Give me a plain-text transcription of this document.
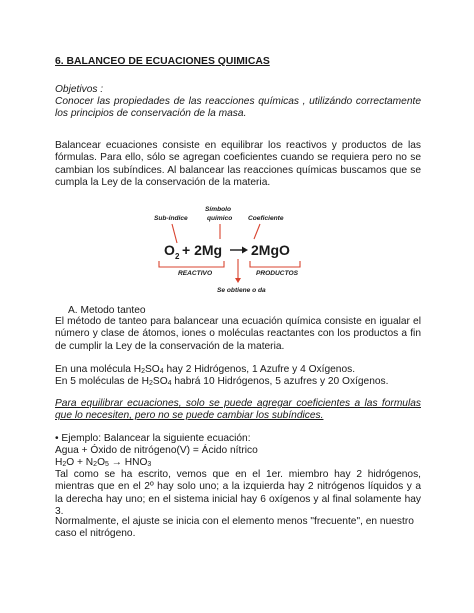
6. BALANCEO DE ECUACIONES QUIMICAS

Objetivos :

Conocer las propiedades de las reacciones químicas , utilizándo correctamente los principios de conservación de la masa.

Balancear ecuaciones consiste en equilibrar los reactivos y productos de las fórmulas. Para ello, sólo se agregan coeficientes cuando se requiera pero no se cambian los subíndices. Al balancear las reacciones químicas buscamos que se cumpla la Ley de la conservación de la materia.

Sub-índice
Símbolo
químico Coeficiente
O 2 + 2Mg 2MgO
REACTIVO	PRODUCTOS
Se obtiene o da
A. Metodo tanteo

El método de tanteo para balancear una ecuación química consiste en igualar el número y clase de átomos, iones o moléculas reactantes con los productos a fin de cumplir la Ley de la conservación de la materia.

En una molécula $H_2SO_4$ hay 2 Hidrógenos, 1 Azufre y 4 Oxígenos.

En 5 moléculas de $H_2SO_4$ habrá 10 Hidrógenos, 5 azufres y 20 Oxígenos.

Para equilibrar ecuaciones, solo se puede agregar coeficientes a las formulas que lo necesiten, pero no se puede cambiar los subíndices.

• Ejemplo: Balancear la siguiente ecuación:

Agua + Óxido de nitrógeno(V) = Ácido nítrico

$H_2O + N_2O_5 \to HNO_3$

Tal como se ha escrito, vemos que en el 1er. miembro hay 2 hidrógenos, mientras que en el 2º hay solo uno; a la izquierda hay 2 nitrógenos líquidos y a la derecha hay uno; en el sistema inicial hay 6 oxígenos y al final solamente hay 3.

Normalmente, el ajuste se inicia con el elemento menos "frecuente", en nuestro caso el nitrógeno.
